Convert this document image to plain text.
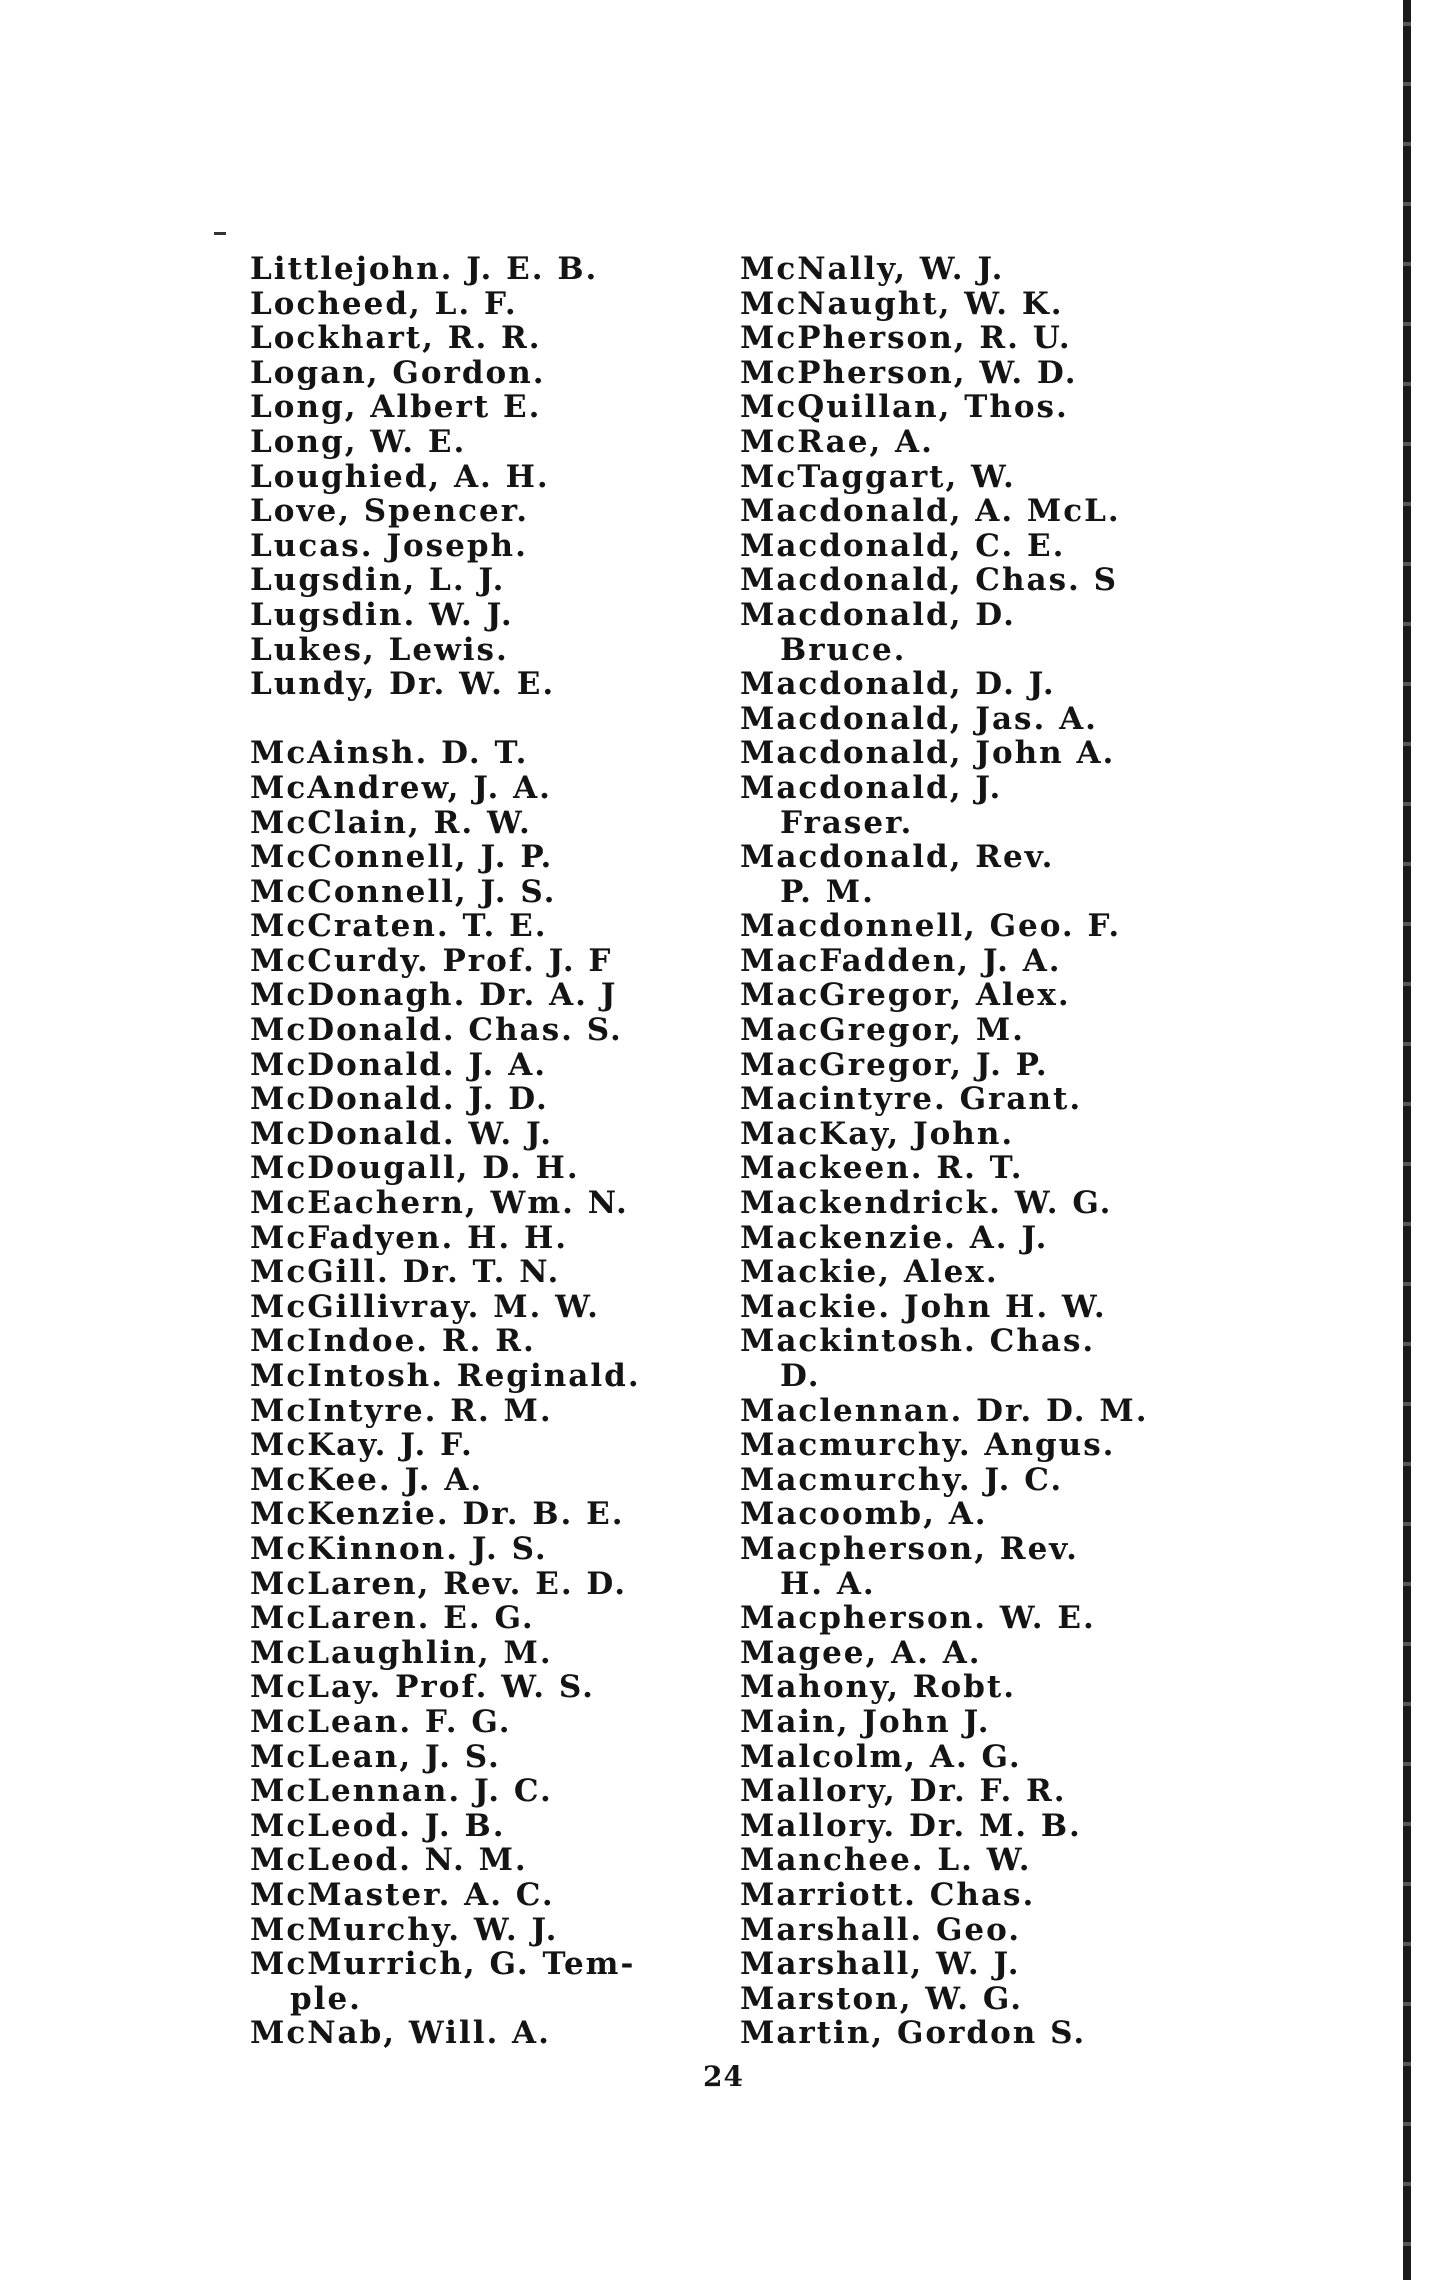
Littlejohn. J. E. B.
Locheed, L. F.
Lockhart, R. R.
Logan, Gordon.
Long, Albert E.
Long, W. E.
Loughied, A. H.
Love, Spencer.
Lucas. Joseph.
Lugsdin, L. J.
Lugsdin. W. J.
Lukes, Lewis.
Lundy, Dr. W. E.
McAinsh. D. T.
McAndrew, J. A.
McClain, R. W.
McConnell, J. P.
McConnell, J. S.
McCraten. T. E.
McCurdy. Prof. J. F
McDonagh. Dr. A. J
McDonald. Chas. S.
McDonald. J. A.
McDonald. J. D.
McDonald. W. J.
McDougall, D. H.
McEachern, Wm. N.
McFadyen. H. H.
McGill. Dr. T. N.
McGillivray. M. W.
McIndoe. R. R.
McIntosh. Reginald.
McIntyre. R. M.
McKay. J. F.
McKee. J. A.
McKenzie. Dr. B. E.
McKinnon. J. S.
McLaren, Rev. E. D.
McLaren. E. G.
McLaughlin, M.
McLay. Prof. W. S.
McLean. F. G.
McLean, J. S.
McLennan. J. C.
McLeod. J. B.
McLeod. N. M.
McMaster. A. C.
McMurchy. W. J.
McMurrich, G. Tem-
ple.
McNab, Will. A.
McNally, W. J.
McNaught, W. K.
McPherson, R. U.
McPherson, W. D.
McQuillan, Thos.
McRae, A.
McTaggart, W.
Macdonald, A. McL.
Macdonald, C. E.
Macdonald, Chas. S
Macdonald, D.
Bruce.
Macdonald, D. J.
Macdonald, Jas. A.
Macdonald, John A.
Macdonald, J.
Fraser.
Macdonald, Rev.
P. M.
Macdonnell, Geo. F.
MacFadden, J. A.
MacGregor, Alex.
MacGregor, M.
MacGregor, J. P.
Macintyre. Grant.
MacKay, John.
Mackeen. R. T.
Mackendrick. W. G.
Mackenzie. A. J.
Mackie, Alex.
Mackie. John H. W.
Mackintosh. Chas.
D.
Maclennan. Dr. D. M.
Macmurchy. Angus.
Macmurchy. J. C.
Macoomb, A.
Macpherson, Rev.
H. A.
Macpherson. W. E.
Magee, A. A.
Mahony, Robt.
Main, John J.
Malcolm, A. G.
Mallory, Dr. F. R.
Mallory. Dr. M. B.
Manchee. L. W.
Marriott. Chas.
Marshall. Geo.
Marshall, W. J.
Marston, W. G.
Martin, Gordon S.
24
